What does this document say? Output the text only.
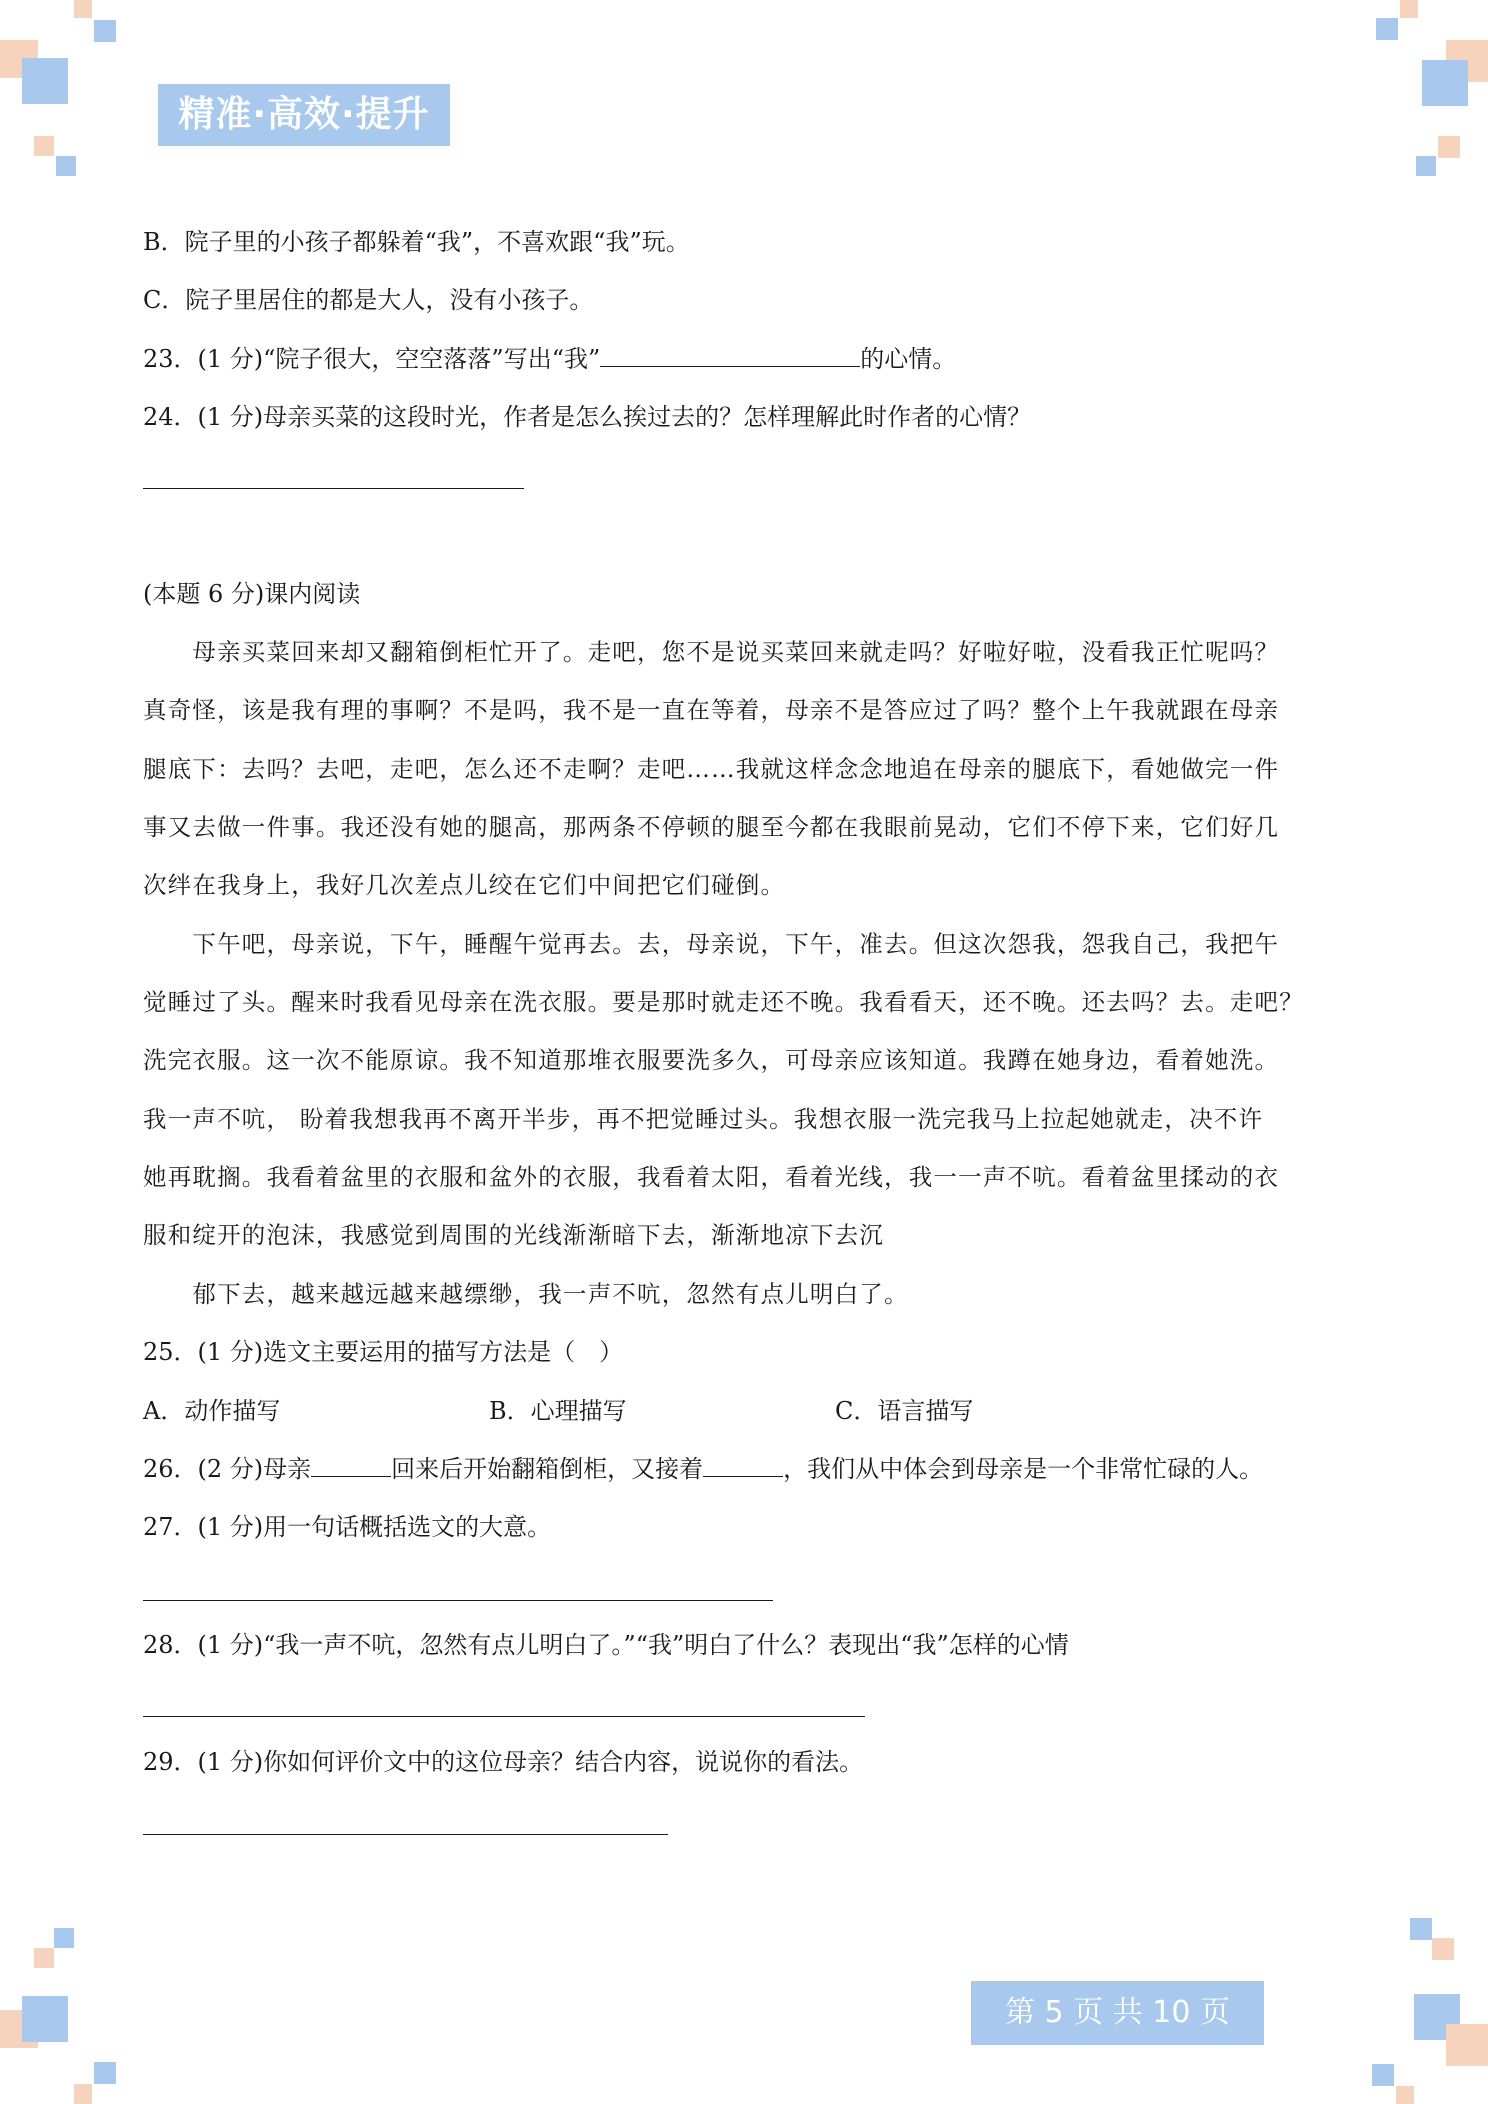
精准·高效·提升
B．院子里的小孩子都躲着“我”，不喜欢跟“我”玩。
C．院子里居住的都是大人，没有小孩子。
23．(1 分)“院子很大，空空落落”写出“我”	的心情。
24．(1 分)母亲买菜的这段时光，作者是怎么挨过去的？怎样理解此时作者的心情？
(本题 6 分)课内阅读
　　母亲买菜回来却又翻箱倒柜忙开了。走吧，您不是说买菜回来就走吗？好啦好啦，没看我正忙呢吗？
真奇怪，该是我有理的事啊？不是吗，我不是一直在等着，母亲不是答应过了吗？整个上午我就跟在母亲
腿底下：去吗？去吧，走吧，怎么还不走啊？走吧……我就这样念念地追在母亲的腿底下，看她做完一件
事又去做一件事。我还没有她的腿高，那两条不停顿的腿至今都在我眼前晃动，它们不停下来，它们好几
次绊在我身上，我好几次差点儿绞在它们中间把它们碰倒。
　　下午吧，母亲说，下午，睡醒午觉再去。去，母亲说，下午，准去。但这次怨我，怨我自己，我把午
觉睡过了头。醒来时我看见母亲在洗衣服。要是那时就走还不晚。我看看天，还不晚。还去吗？去。走吧？
洗完衣服。这一次不能原谅。我不知道那堆衣服要洗多久，可母亲应该知道。我蹲在她身边，看着她洗。
我一声不吭， 盼着我想我再不离开半步，再不把觉睡过头。我想衣服一洗完我马上拉起她就走，决不许
她再耽搁。我看着盆里的衣服和盆外的衣服，我看着太阳，看着光线，我一一声不吭。看着盆里揉动的衣
服和绽开的泡沫，我感觉到周围的光线渐渐暗下去，渐渐地凉下去沉
　　郁下去，越来越远越来越缥缈，我一声不吭，忽然有点儿明白了。
25．(1 分)选文主要运用的描写方法是（　）
A．动作描写	B．心理描写	C．语言描写
26．(2 分)母亲	回来后开始翻箱倒柜，又接着	，我们从中体会到母亲是一个非常忙碌的人。
27．(1 分)用一句话概括选文的大意。
28．(1 分)“我一声不吭，忽然有点儿明白了。”“我”明白了什么？表现出“我”怎样的心情
29．(1 分)你如何评价文中的这位母亲？结合内容，说说你的看法。
第 5 页 共 10 页
